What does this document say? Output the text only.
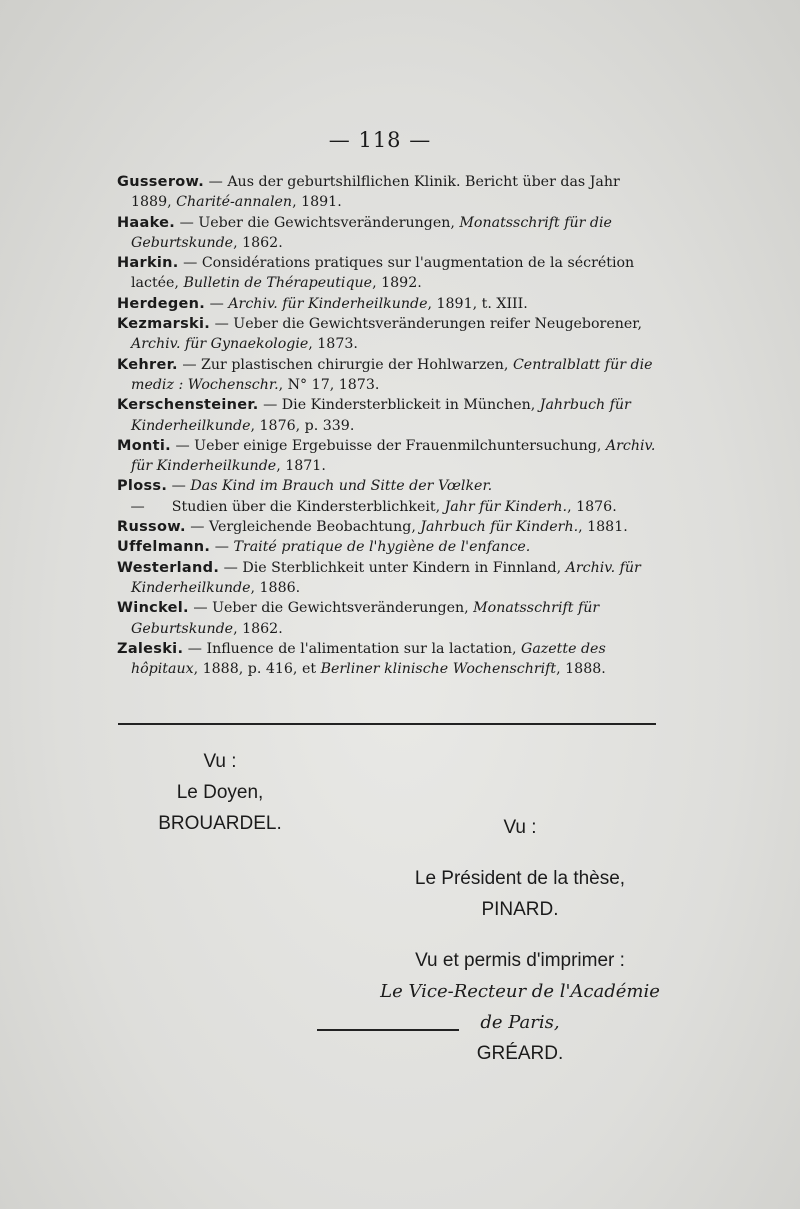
— 118 —

Gusserow. — Aus der geburtshilflichen Klinik. Bericht über das Jahr 1889, Charité-annalen, 1891.

Haake. — Ueber die Gewichtsveränderungen, Monatsschrift für die Geburtskunde, 1862.

Harkin. — Considérations pratiques sur l'augmentation de la sécrétion lactée, Bulletin de Thérapeutique, 1892.

Herdegen. — Archiv. für Kinderheilkunde, 1891, t. XIII.

Kezmarski. — Ueber die Gewichtsveränderungen reifer Neugeborener, Archiv. für Gynaekologie, 1873.

Kehrer. — Zur plastischen chirurgie der Hohlwarzen, Centralblatt für die mediz : Wochenschr., N° 17, 1873.

Kerschensteiner. — Die Kindersterblickeit in München, Jahrbuch für Kinderheilkunde, 1876, p. 339.

Monti. — Ueber einige Ergebuisse der Frauenmilchuntersuchung, Archiv. für Kinderheilkunde, 1871.

Ploss. — Das Kind im Brauch und Sitte der Vœlker.

—      Studien über die Kindersterblichkeit, Jahr für Kinderh., 1876.

Russow. — Vergleichende Beobachtung, Jahrbuch für Kinderh., 1881.

Uffelmann. — Traité pratique de l'hygiène de l'enfance.

Westerland. — Die Sterblichkeit unter Kindern in Finnland, Archiv. für Kinderheilkunde, 1886.

Winckel. — Ueber die Gewichtsveränderungen, Monatsschrift für Geburtskunde, 1862.

Zaleski. — Influence de l'alimentation sur la lactation, Gazette des hôpitaux, 1888, p. 416, et Berliner klinische Wochenschrift, 1888.

Vu :
Le Doyen,
BROUARDEL.	Vu :
Le Président de la thèse,
PINARD.
Vu et permis d'imprimer :
Le Vice-Recteur de l'Académie de Paris,
GRÉARD.
